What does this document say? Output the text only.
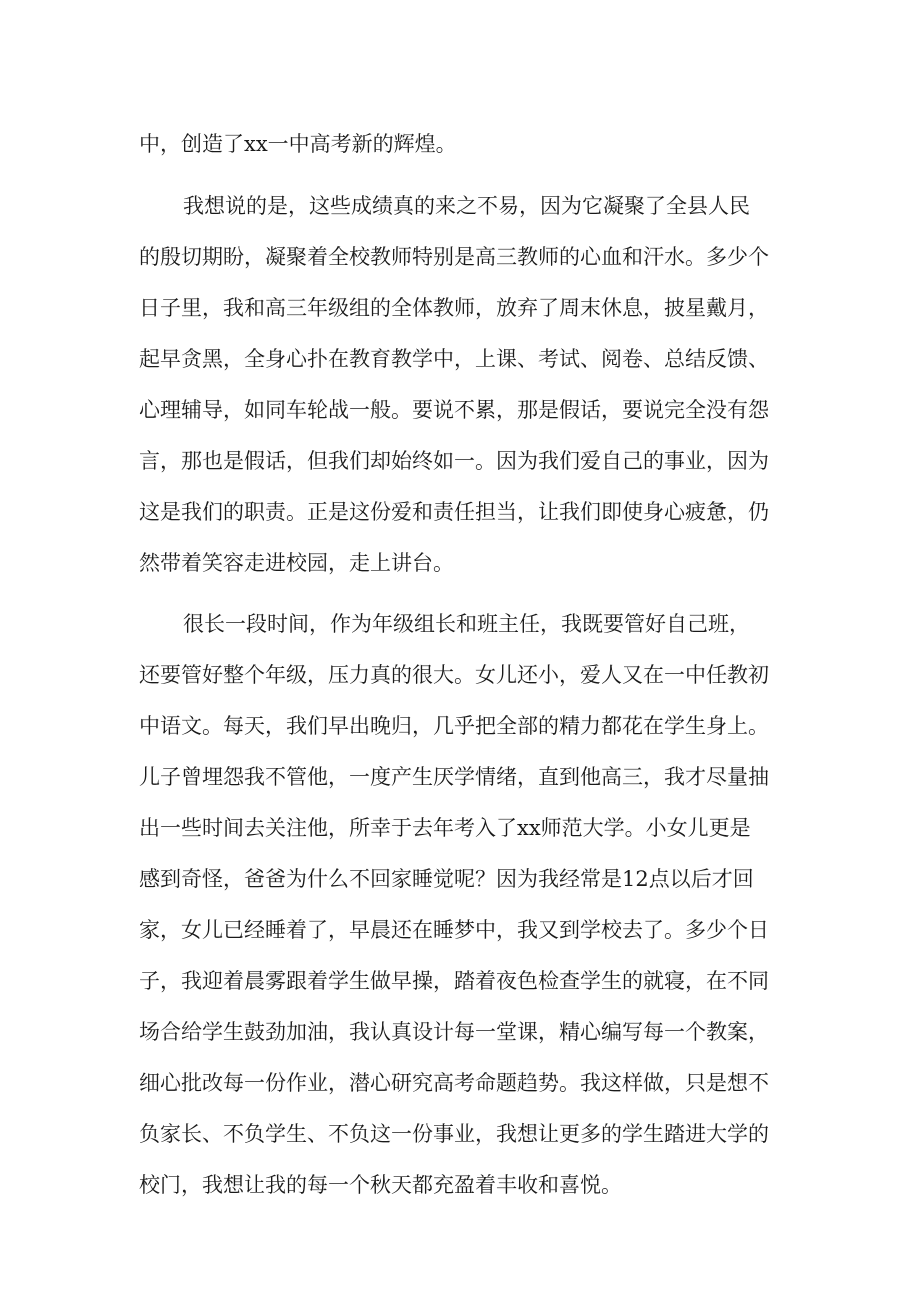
中，创造了xx一中高考新的辉煌。
我想说的是，这些成绩真的来之不易，因为它凝聚了全县人民
的殷切期盼，凝聚着全校教师特别是高三教师的心血和汗水。多少个
日子里，我和高三年级组的全体教师，放弃了周末休息，披星戴月，
起早贪黑，全身心扑在教育教学中，上课、考试、阅卷、总结反馈、
心理辅导，如同车轮战一般。要说不累，那是假话，要说完全没有怨
言，那也是假话，但我们却始终如一。因为我们爱自己的事业，因为
这是我们的职责。正是这份爱和责任担当，让我们即使身心疲惫，仍
然带着笑容走进校园，走上讲台。
很长一段时间，作为年级组长和班主任，我既要管好自己班，
还要管好整个年级，压力真的很大。女儿还小，爱人又在一中任教初
中语文。每天，我们早出晚归，几乎把全部的精力都花在学生身上。
儿子曾埋怨我不管他，一度产生厌学情绪，直到他高三，我才尽量抽
出一些时间去关注他，所幸于去年考入了xx师范大学。小女儿更是
感到奇怪，爸爸为什么不回家睡觉呢？因为我经常是12点以后才回
家，女儿已经睡着了，早晨还在睡梦中，我又到学校去了。多少个日
子，我迎着晨雾跟着学生做早操，踏着夜色检查学生的就寝，在不同
场合给学生鼓劲加油，我认真设计每一堂课，精心编写每一个教案，
细心批改每一份作业，潜心研究高考命题趋势。我这样做，只是想不
负家长、不负学生、不负这一份事业，我想让更多的学生踏进大学的
校门，我想让我的每一个秋天都充盈着丰收和喜悦。
